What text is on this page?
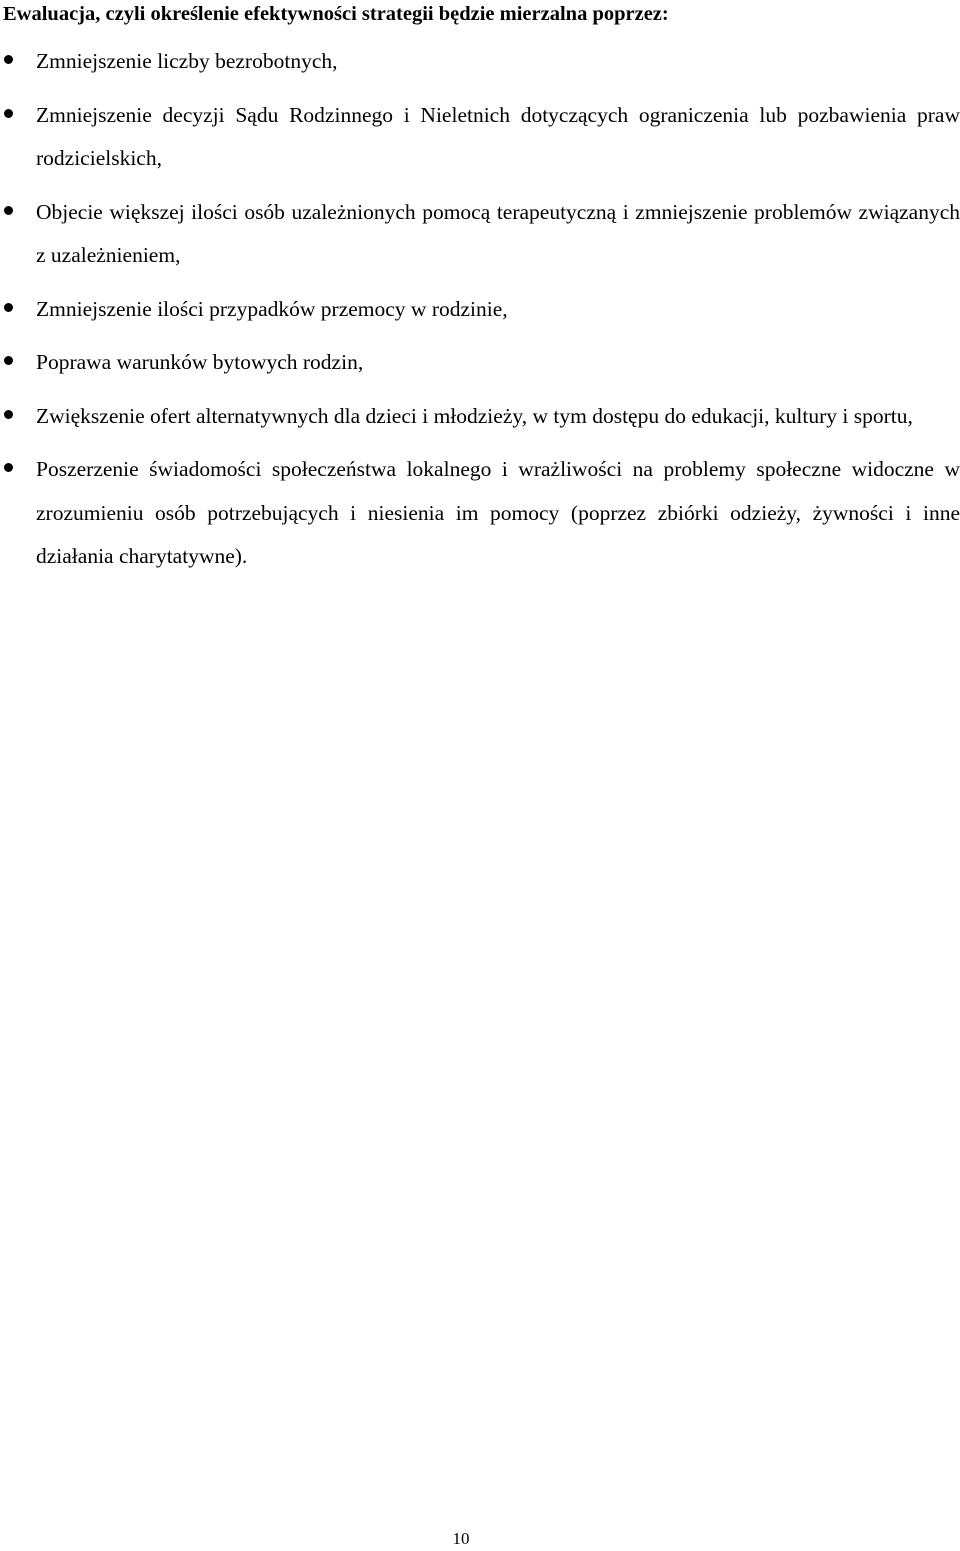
Ewaluacja, czyli określenie efektywności strategii będzie mierzalna poprzez:
Zmniejszenie liczby bezrobotnych,
Zmniejszenie decyzji Sądu Rodzinnego i Nieletnich dotyczących ograniczenia lub pozbawienia praw rodzicielskich,
Objecie większej ilości osób uzależnionych pomocą terapeutyczną i zmniejszenie problemów związanych z uzależnieniem,
Zmniejszenie ilości przypadków przemocy w rodzinie,
Poprawa warunków bytowych rodzin,
Zwiększenie ofert alternatywnych dla dzieci i młodzieży, w tym dostępu do edukacji, kultury i sportu,
Poszerzenie świadomości społeczeństwa lokalnego i wrażliwości na problemy społeczne widoczne w zrozumieniu osób potrzebujących i niesienia im pomocy (poprzez zbiórki odzieży, żywności i inne działania charytatywne).
10
